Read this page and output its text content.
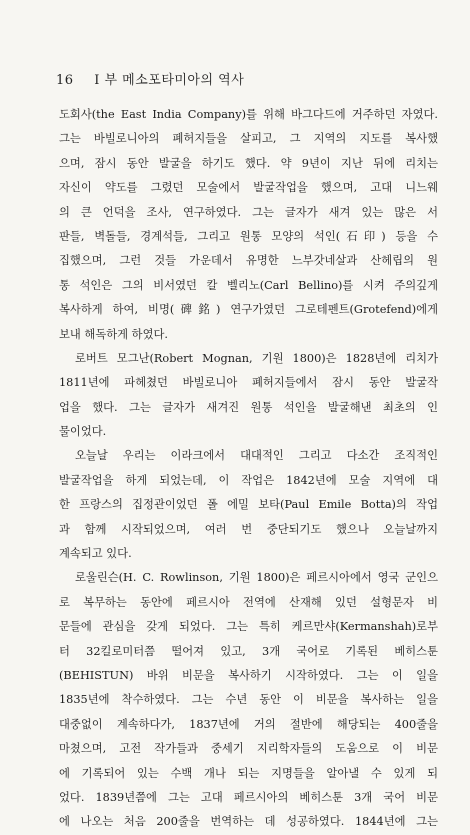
16 I 부 메소포타미아의 역사
도회사(the East India Company)를 위해 바그다드에 거주하던 자였다.
그는 바빌로니아의 폐허지들을 살피고, 그 지역의 지도를 복사했
으며, 잠시 동안 발굴을 하기도 했다. 약 9년이 지난 뒤에 리치는
자신이 약도를 그렸던 모술에서 발굴작업을 했으며, 고대 니느웨
의 큰 언덕을 조사, 연구하였다. 그는 글자가 새겨 있는 많은 서
판들, 벽돌들, 경계석들, 그리고 원통 모양의 석인(石印) 등을 수
집했으며, 그런 것들 가운데서 유명한 느부갓네살과 산헤립의 원
통 석인은 그의 비서였던 칼 벨리노(Carl Bellino)를 시켜 주의깊게
복사하게 하여, 비명(碑銘) 연구가였던 그로테펜트(Grotefend)에게
보내 해독하게 하였다.
로버트 모그난(Robert Mognan, 기원 1800)은 1828년에 리치가
1811년에 파헤쳤던 바빌로니아 폐허지들에서 잠시 동안 발굴작
업을 했다. 그는 글자가 새겨진 원통 석인을 발굴해낸 최초의 인
물이었다.
오늘날 우리는 이라크에서 대대적인 그리고 다소간 조직적인
발굴작업을 하게 되었는데, 이 작업은 1842년에 모술 지역에 대
한 프랑스의 집정관이었던 폴 에밀 보타(Paul Emile Botta)의 작업
과 함께 시작되었으며, 여러 번 중단되기도 했으나 오늘날까지
계속되고 있다.
로울린슨(H. C. Rowlinson, 기원 1800)은 페르시아에서 영국 군인으
로 복무하는 동안에 페르시아 전역에 산재해 있던 설형문자 비
문들에 관심을 갖게 되었다. 그는 특히 케르만샤(Kermanshah)로부
터 32킬로미터쯤 떨어져 있고, 3개 국어로 기록된 베히스툰
(BEHISTUN) 바위 비문을 복사하기 시작하였다. 그는 이 일을
1835년에 착수하였다. 그는 수년 동안 이 비문을 복사하는 일을
대중없이 계속하다가, 1837년에 거의 절반에 해당되는 400줄을
마쳤으며, 고전 작가들과 중세기 지리학자들의 도움으로 이 비문
에 기록되어 있는 수백 개나 되는 지명들을 알아낼 수 있게 되
었다. 1839년쯤에 그는 고대 페르시아의 베히스툰 3개 국어 비문
에 나오는 처음 200줄을 번역하는 데 성공하였다. 1844년에 그는
